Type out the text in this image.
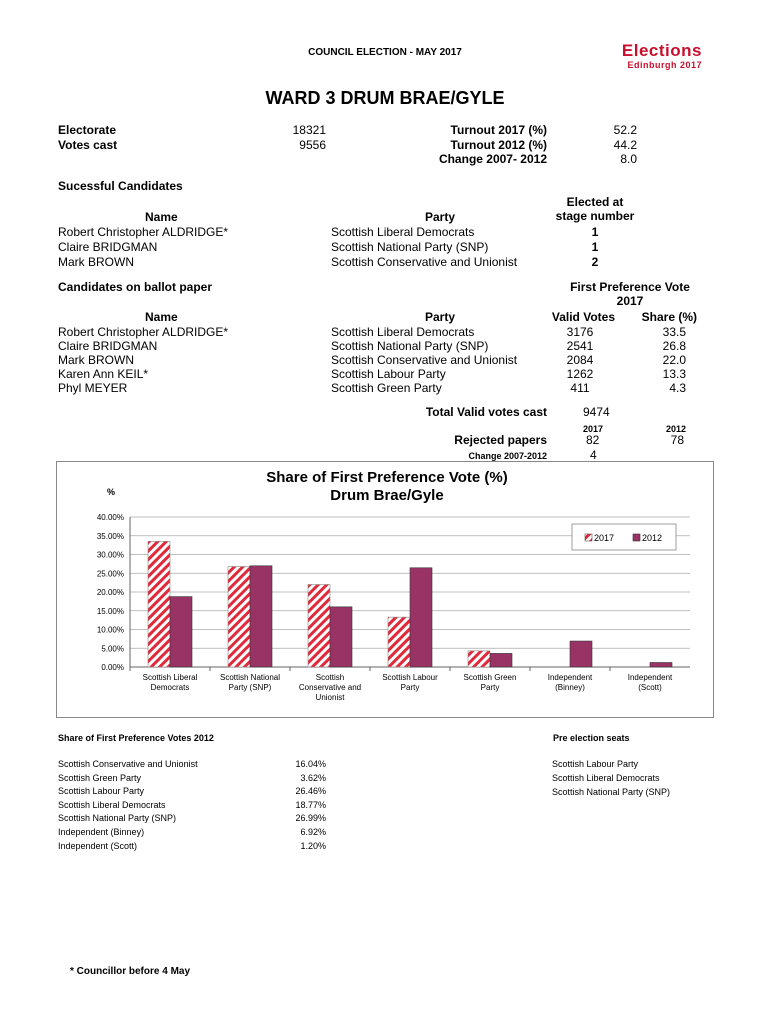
COUNCIL ELECTION - MAY 2017	Elections
Edinburgh 2017
WARD 3 DRUM BRAE/GYLE
Electorate	18321
Votes cast	9556
Turnout 2017 (%)	52.2
Turnout 2012 (%)	44.2
Change 2007- 2012	8.0
Sucessful Candidates
Elected at
stage number
Name	Party
Candidates on ballot paper	First Preference Vote
2017
Name	Party	Valid Votes	Share (%)
Total Valid votes cast	9474
2017	2012
Rejected papers	82	78
Change 2007-2012	4
Share of First Preference Vote (%)
Drum Brae/Gyle
%
0.00%
5.00%
10.00%
15.00%
20.00%
25.00%
30.00%
35.00%
40.00%
Scottish Liberal
Democrats
Scottish National
Party (SNP)
Scottish
Conservative and
Unionist
Scottish Labour
Party
Scottish Green
Party
Independent
(Binney)
Independent
(Scott)
2017	2012
Share of First Preference Votes 2012	Pre election seats
* Councillor before 4 May
Robert Christopher ALDRIDGE*	Scottish Liberal Democrats	1
Claire BRIDGMAN	Scottish National Party (SNP)	1
Mark BROWN	Scottish Conservative and Unionist	2
Robert Christopher ALDRIDGE*	Scottish Liberal Democrats	3176	33.5
Claire BRIDGMAN	Scottish National Party (SNP)	2541	26.8
Mark BROWN	Scottish Conservative and Unionist	2084	22.0
Karen Ann KEIL*	Scottish Labour Party	1262	13.3
Phyl MEYER	Scottish Green Party	411	4.3
Scottish Conservative and Unionist	16.04%
Scottish Green Party	3.62%
Scottish Labour Party	26.46%
Scottish Liberal Democrats	18.77%
Scottish National Party (SNP)	26.99%
Independent (Binney)	6.92%
Independent (Scott)	1.20%
Scottish Labour Party
Scottish Liberal Democrats
Scottish National Party (SNP)
